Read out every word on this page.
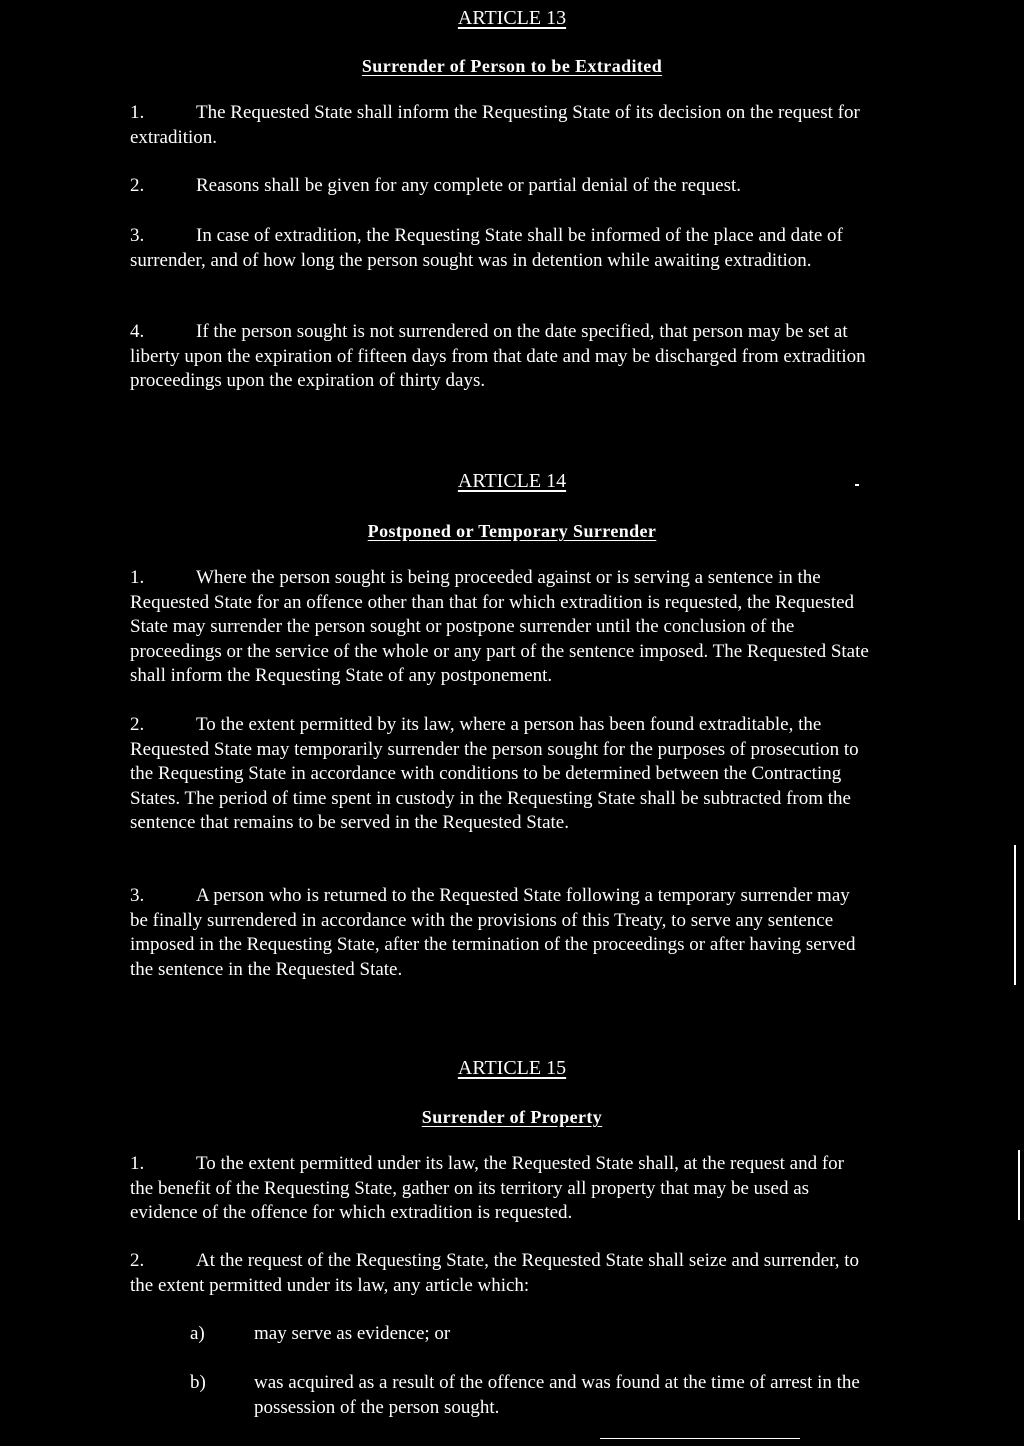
ARTICLE 13
Surrender of Person to be Extradited
1.	The Requested State shall inform the Requesting State of its decision on the request for extradition.
2.	Reasons shall be given for any complete or partial denial of the request.
3.	In case of extradition, the Requesting State shall be informed of the place and date of surrender, and of how long the person sought was in detention while awaiting extradition.
4.	If the person sought is not surrendered on the date specified, that person may be set at liberty upon the expiration of fifteen days from that date and may be discharged from extradition proceedings upon the expiration of thirty days.
ARTICLE 14
Postponed or Temporary Surrender
1.	Where the person sought is being proceeded against or is serving a sentence in the Requested State for an offence other than that for which extradition is requested, the Requested State may surrender the person sought or postpone surrender until the conclusion of the proceedings or the service of the whole or any part of the sentence imposed. The Requested State shall inform the Requesting State of any postponement.
2.	To the extent permitted by its law, where a person has been found extraditable, the Requested State may temporarily surrender the person sought for the purposes of prosecution to the Requesting State in accordance with conditions to be determined between the Contracting States. The period of time spent in custody in the Requesting State shall be subtracted from the sentence that remains to be served in the Requested State.
3.	A person who is returned to the Requested State following a temporary surrender may be finally surrendered in accordance with the provisions of this Treaty, to serve any sentence imposed in the Requesting State, after the termination of the proceedings or after having served the sentence in the Requested State.
ARTICLE 15
Surrender of Property
1.	To the extent permitted under its law, the Requested State shall, at the request and for the benefit of the Requesting State, gather on its territory all property that may be used as evidence of the offence for which extradition is requested.
2.	At the request of the Requesting State, the Requested State shall seize and surrender, to the extent permitted under its law, any article which:
a)	may serve as evidence; or
b)	was acquired as a result of the offence and was found at the time of arrest in the possession of the person sought.
